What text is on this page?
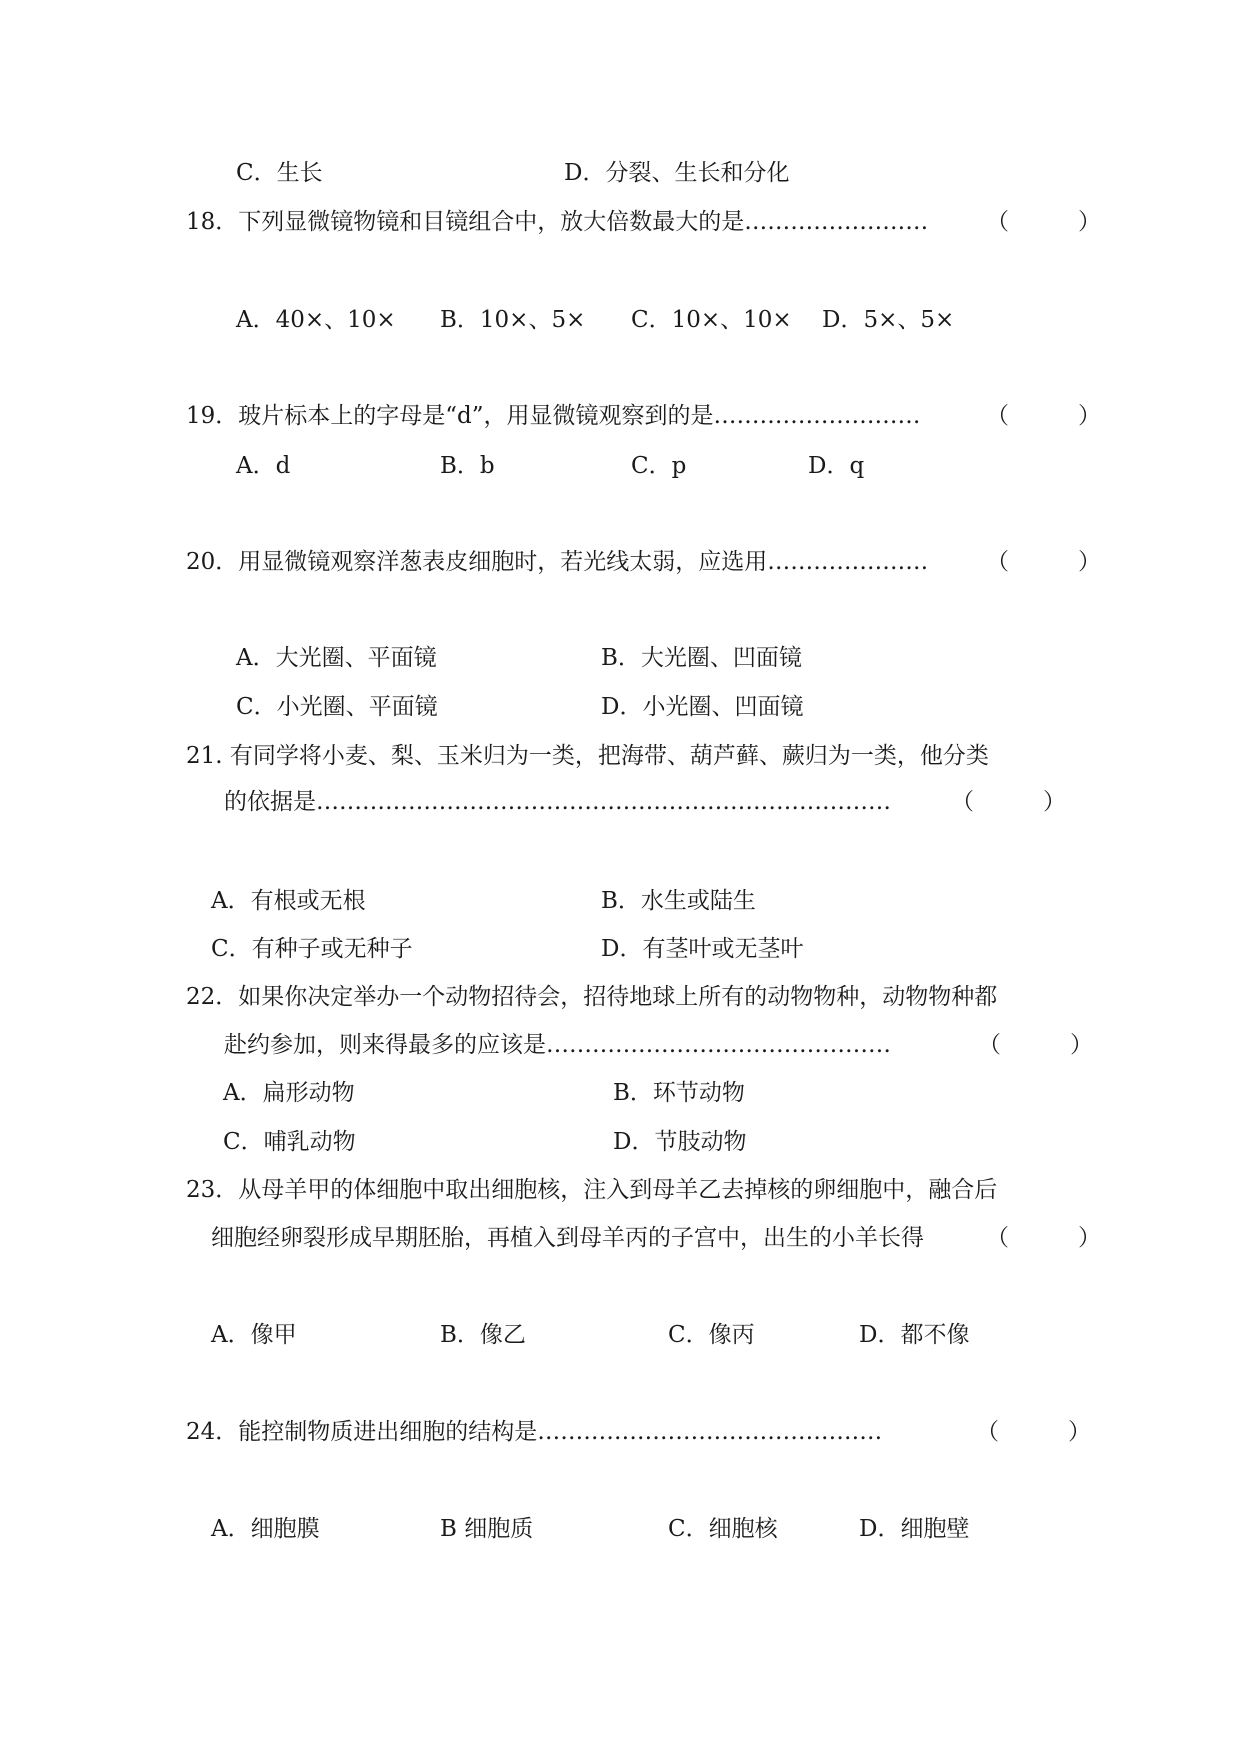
C．生长	D．分裂、生长和分化
18．下列显微镜物镜和目镜组合中，放大倍数最大的是……………………	（　　　）
A．40×、10× B．10×、5× C．10×、10× D．5×、5×
19．玻片标本上的字母是“d”，用显微镜观察到的是………………………	（　　　）
A．d	B．b	C．p	D．q
20．用显微镜观察洋葱表皮细胞时，若光线太弱，应选用…………………	（　　　）
A．大光圈、平面镜	B．大光圈、凹面镜
C．小光圈、平面镜	D．小光圈、凹面镜
21. 有同学将小麦、梨、玉米归为一类，把海带、葫芦藓、蕨归为一类，他分类
的依据是…………………………………………………………………	（　　　）
A．有根或无根	B．水生或陆生
C．有种子或无种子	D．有茎叶或无茎叶
22．如果你决定举办一个动物招待会，招待地球上所有的动物物种，动物物种都
赴约参加，则来得最多的应该是………………………………………	（　　　）
A．扁形动物	B．环节动物
C．哺乳动物	D．节肢动物
23．从母羊甲的体细胞中取出细胞核，注入到母羊乙去掉核的卵细胞中，融合后
细胞经卵裂形成早期胚胎，再植入到母羊丙的子宫中，出生的小羊长得	（　　　）
A．像甲	B．像乙	C．像丙	D．都不像
24．能控制物质进出细胞的结构是………………………………………	（　　　）
A．细胞膜	B 细胞质	C．细胞核	D．细胞壁
